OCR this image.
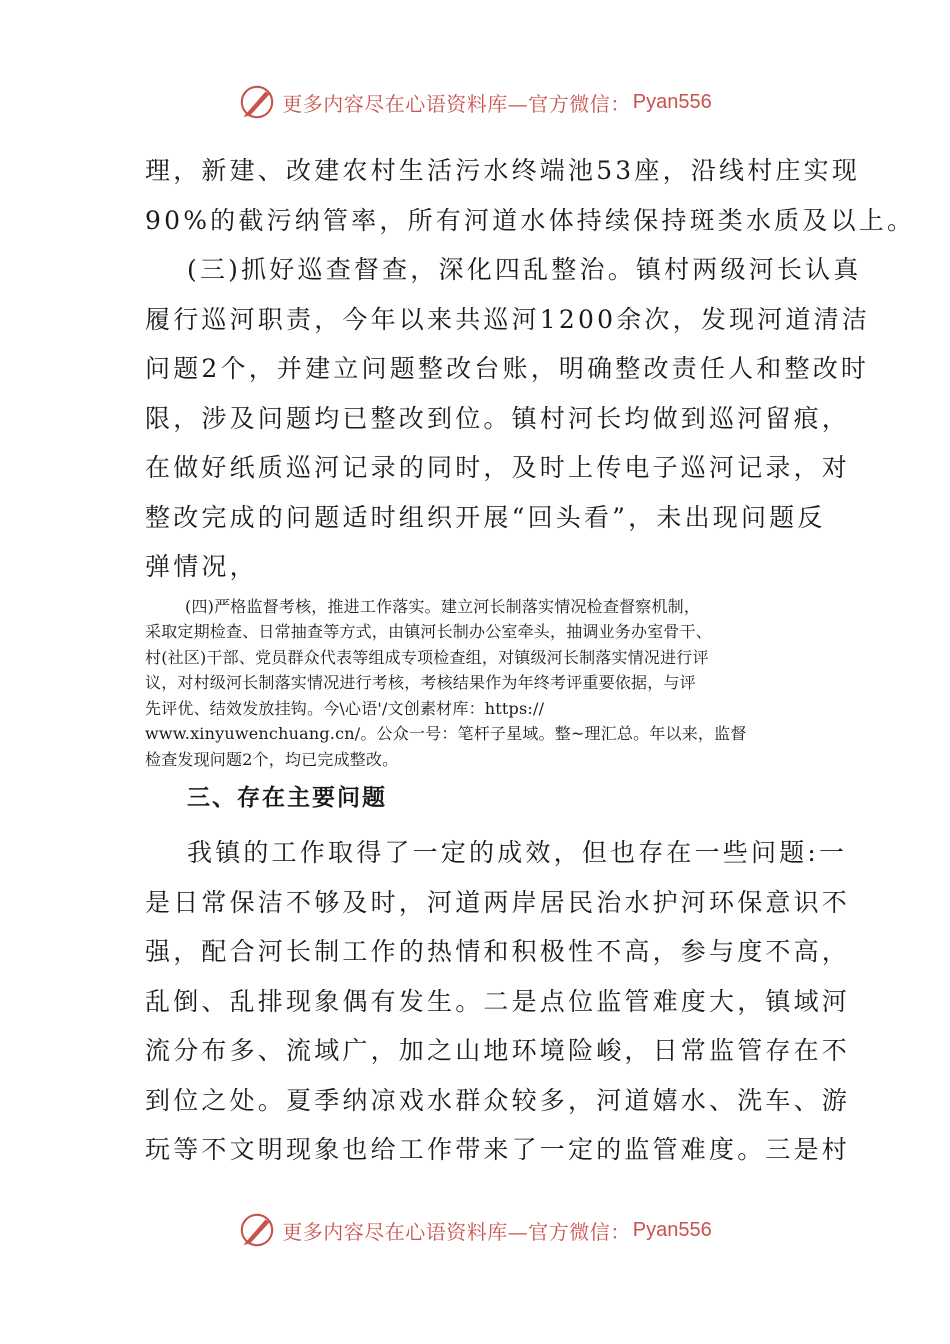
更多内容尽在心语资料库—官方微信： Pyan556

理，新建、改建农村生活污水终端池53座，沿线村庄实现

90%的截污纳管率，所有河道水体持续保持斑类水质及以上。

(三)抓好巡查督查，深化四乱整治。镇村两级河长认真

履行巡河职责，今年以来共巡河1200余次，发现河道清洁

问题2个，并建立问题整改台账，明确整改责任人和整改时

限，涉及问题均已整改到位。镇村河长均做到巡河留痕，

在做好纸质巡河记录的同时，及时上传电子巡河记录，对

整改完成的问题适时组织开展“回头看”，未出现问题反

弹情况，

(四)严格监督考核，推进工作落实。建立河长制落实情况检查督察机制，

采取定期检查、日常抽查等方式，由镇河长制办公室牵头，抽调业务办室骨干、

村(社区)干部、党员群众代表等组成专项检查组，对镇级河长制落实情况进行评

议，对村级河长制落实情况进行考核，考核结果作为年终考评重要依据，与评

先评优、结效发放挂钩。今\心语'/文创素材库：https://

www.xinyuwenchuang.cn/。公众一号：笔杆子星域。整~理汇总。年以来，监督

检查发现问题2个，均已完成整改。

三、存在主要问题

我镇的工作取得了一定的成效，但也存在一些问题:一

是日常保洁不够及时，河道两岸居民治水护河环保意识不

强，配合河长制工作的热情和积极性不高，参与度不高，

乱倒、乱排现象偶有发生。二是点位监管难度大，镇域河

流分布多、流域广，加之山地环境险峻，日常监管存在不

到位之处。夏季纳凉戏水群众较多，河道嬉水、洗车、游

玩等不文明现象也给工作带来了一定的监管难度。三是村

更多内容尽在心语资料库—官方微信： Pyan556
